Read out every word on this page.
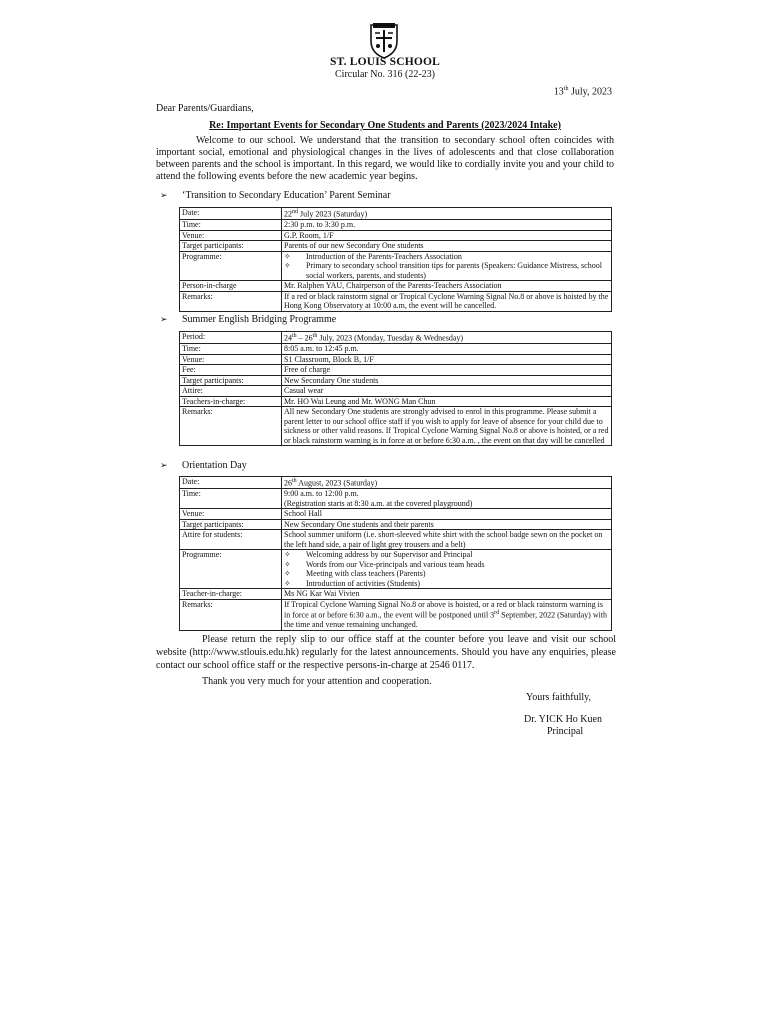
ST. LOUIS SCHOOL
Circular No. 316 (22-23)
13th July, 2023
Dear Parents/Guardians,
Re: Important Events for Secondary One Students and Parents (2023/2024 Intake)
Welcome to our school. We understand that the transition to secondary school often coincides with important social, emotional and physiological changes in the lives of adolescents and that close collaboration between parents and the school is important. In this regard, we would like to cordially invite you and your child to attend the following events before the new academic year begins.
➢ ‘Transition to Secondary Education’ Parent Seminar
Date:	22nd July 2023 (Saturday)
Time:	2:30 p.m. to 3:30 p.m.
Venue:	G.P. Room, 1/F
Target participants:	Parents of our new Secondary One students
Programme:	✧ Introduction of the Parents-Teachers Association
✧ Primary to secondary school transition tips for parents (Speakers: Guidance Mistress, school social workers, parents, and students)

Person-in-charge	Mr. Ralphen YAU, Chairperson of the Parents-Teachers Association
Remarks:	If a red or black rainstorm signal or Tropical Cyclone Warning Signal No.8 or above is hoisted by the Hong Kong Observatory at 10:00 a.m, the event will be cancelled.
➢ Summer English Bridging Programme
Period:	24th – 26th July, 2023 (Monday, Tuesday & Wednesday)
Time:	8:05 a.m. to 12:45 p.m.
Venue:	S1 Classroom, Block B, 1/F
Fee:	Free of charge
Target participants:	New Secondary One students
Attire:	Casual wear
Teachers-in-charge:	Mr. HO Wai Leung and Mr. WONG Man Chun
Remarks:	All new Secondary One students are strongly advised to enrol in this programme. Please submit a parent letter to our school office staff if you wish to apply for leave of absence for your child due to sickness or other valid reasons. If Tropical Cyclone Warning Signal No.8 or above is hoisted, or a red or black rainstorm warning is in force at or before 6:30 a.m. , the event on that day will be cancelled
➢ Orientation Day
Date:	26th August, 2023 (Saturday)
Time:	9:00 a.m. to 12:00 p.m.
(Registration starts at 8:30 a.m. at the covered playground)
Venue:	School Hall
Target participants:	New Secondary One students and their parents
Attire for students:	School summer uniform (i.e. short-sleeved white shirt with the school badge sewn on the pocket on the left hand side, a pair of light grey trousers and a belt)
Programme:	✧ Welcoming address by our Supervisor and Principal
✧ Words from our Vice-principals and various team heads
✧ Meeting with class teachers (Parents)
✧ Introduction of activities (Students)

Teacher-in-charge:	Ms NG Kar Wai Vivien
Remarks:	If Tropical Cyclone Warning Signal No.8 or above is hoisted, or a red or black rainstorm warning is in force at or before 6:30 a.m., the event will be postponed until 3rd September, 2022 (Saturday) with the time and venue remaining unchanged.
Please return the reply slip to our office staff at the counter before you leave and visit our school website (http://www.stlouis.edu.hk) regularly for the latest announcements. Should you have any enquiries, please contact our school office staff or the respective persons-in-charge at 2546 0117.
Thank you very much for your attention and cooperation.
Yours faithfully,
Dr. YICK Ho Kuen
Principal
